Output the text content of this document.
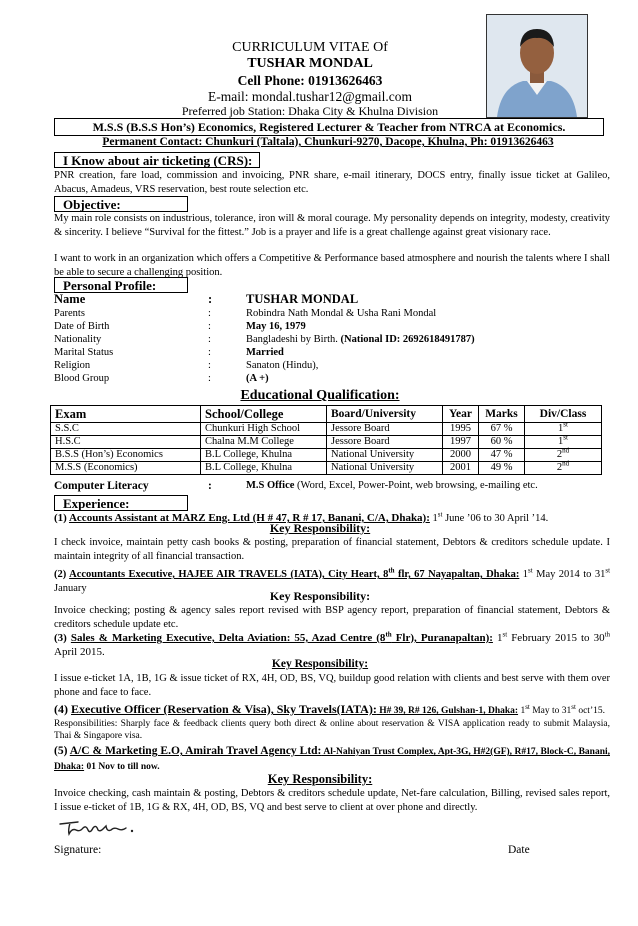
CURRICULUM VITAE Of
TUSHAR MONDAL
Cell Phone: 01913626463
E-mail: mondal.tushar12@gmail.com
Preferred job Station: Dhaka City & Khulna Division
M.S.S (B.S.S Hon’s) Economics, Registered Lecturer & Teacher from NTRCA at Economics.
Permanent Contact: Chunkuri (Taltala), Chunkuri-9270, Dacope, Khulna, Ph: 01913626463
I Know about air ticketing (CRS):
PNR creation, fare load, commission and invoicing, PNR share, e-mail itinerary, DOCS entry, finally issue ticket at Galileo, Abacus, Amadeus, VRS reservation, best route selection etc.
Objective:
My main role consists on industrious, tolerance, iron will & moral courage. My personality depends on integrity, modesty, creativity & sincerity. I believe “Survival for the fittest.” Job is a prayer and life is a great challenge against great visionary race.
I want to work in an organization which offers a Competitive & Performance based atmosphere and nourish the talents where I shall be able to secure a challenging position.
Personal Profile:
Name	:	TUSHAR MONDAL
Parents	:	Robindra Nath Mondal & Usha Rani Mondal
Date of Birth	:	May 16, 1979
Nationality	:	Bangladeshi by Birth. (National ID: 2692618491787)
Marital Status	:	Married
Religion	:	Sanaton (Hindu),
Blood Group	:	(A +)
Educational Qualification:
Exam	School/College	Board/University	Year	Marks	Div/Class
S.S.C	Chunkuri High School	Jessore Board	1995	67 %	1st
H.S.C	Chalna M.M College	Jessore Board	1997	60 %	1st
B.S.S (Hon’s) Economics	B.L College, Khulna	National University	2000	47 %	2nd
M.S.S (Economics)	B.L College, Khulna	National University	2001	49 %	2nd
Computer Literacy	:	M.S Office (Word, Excel, Power-Point, web browsing, e-mailing etc.
Experience:
(1) Accounts Assistant at MARZ Eng. Ltd (H # 47, R # 17, Banani, C/A, Dhaka): 1st June ’06 to 30 April ’14.
Key Responsibility:
I check invoice, maintain petty cash books & posting, preparation of financial statement, Debtors & creditors schedule update. I maintain integrity of all financial transaction.
(2) Accountants Executive, HAJEE AIR TRAVELS (IATA), City Heart, 8th flr, 67 Nayapaltan, Dhaka: 1st May 2014 to 31st January
Key Responsibility:
Invoice checking; posting & agency sales report revised with BSP agency report, preparation of financial statement, Debtors & creditors schedule update etc.
(3) Sales & Marketing Executive, Delta Aviation: 55, Azad Centre (8th Flr), Puranapaltan): 1st February 2015 to 30th April 2015.
Key Responsibility:
I issue e-ticket 1A, 1B, 1G & issue ticket of RX, 4H, OD, BS, VQ, buildup good relation with clients and best serve with them over phone and face to face.
(4) Executive Officer (Reservation & Visa), Sky Travels(IATA): H# 39, R# 126, Gulshan-1, Dhaka: 1st May to 31st oct’15.
Responsibilities: Sharply face & feedback clients query both direct & online about reservation & VISA application ready to submit Malaysia, Thai & Singapore visa.
(5) A/C & Marketing E.O, Amirah Travel Agency Ltd: Al-Nahiyan Trust Complex, Apt-3G, H#2(GF), R#17, Block-C, Banani, Dhaka: 01 Nov to till now.
Key Responsibility:
Invoice checking, cash maintain & posting, Debtors & creditors schedule update, Net-fare calculation, Billing, revised sales report, I issue e-ticket of 1B, 1G & RX, 4H, OD, BS, VQ and best serve to client at over phone and directly.
Signature:	Date
